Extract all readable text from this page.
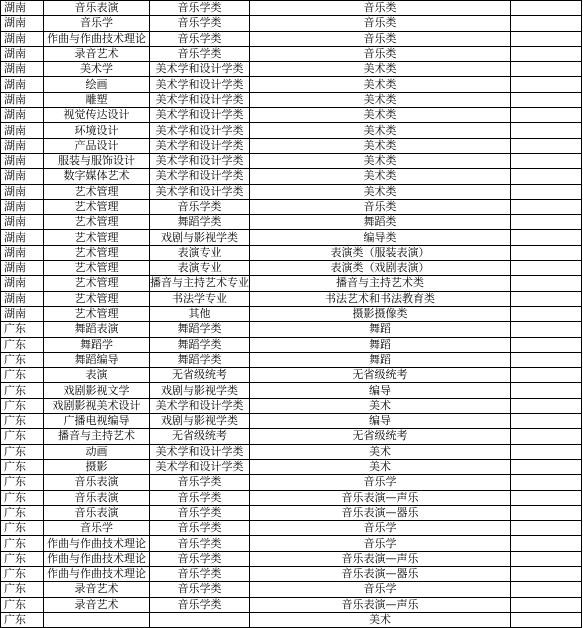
湖南	音乐表演	音乐学类	音乐类	
湖南	音乐学	音乐学类	音乐类	
湖南	作曲与作曲技术理论	音乐学类	音乐类	
湖南	录音艺术	音乐学类	音乐类	
湖南	美术学	美术学和设计学类	美术类	
湖南	绘画	美术学和设计学类	美术类	
湖南	雕塑	美术学和设计学类	美术类	
湖南	视觉传达设计	美术学和设计学类	美术类	
湖南	环境设计	美术学和设计学类	美术类	
湖南	产品设计	美术学和设计学类	美术类	
湖南	服装与服饰设计	美术学和设计学类	美术类	
湖南	数字媒体艺术	美术学和设计学类	美术类	
湖南	艺术管理	美术学和设计学类	美术类	
湖南	艺术管理	音乐学类	音乐类	
湖南	艺术管理	舞蹈学类	舞蹈类	
湖南	艺术管理	戏剧与影视学类	编导类	
湖南	艺术管理	表演专业	表演类（服装表演）	
湖南	艺术管理	表演专业	表演类（戏剧表演）	
湖南	艺术管理	播音与主持艺术专业	播音与主持艺术类	
湖南	艺术管理	书法学专业	书法艺术和书法教育类	
湖南	艺术管理	其他	摄影摄像类	
广东	舞蹈表演	舞蹈学类	舞蹈	
广东	舞蹈学	舞蹈学类	舞蹈	
广东	舞蹈编导	舞蹈学类	舞蹈	
广东	表演	无省级统考	无省级统考	
广东	戏剧影视文学	戏剧与影视学类	编导	
广东	戏剧影视美术设计	美术学和设计学类	美术	
广东	广播电视编导	戏剧与影视学类	编导	
广东	播音与主持艺术	无省级统考	无省级统考	
广东	动画	美术学和设计学类	美术	
广东	摄影	美术学和设计学类	美术	
广东	音乐表演	音乐学类	音乐学	
广东	音乐表演	音乐学类	音乐表演—声乐	
广东	音乐表演	音乐学类	音乐表演—器乐	
广东	音乐学	音乐学类	音乐学	
广东	作曲与作曲技术理论	音乐学类	音乐学	
广东	作曲与作曲技术理论	音乐学类	音乐表演—声乐	
广东	作曲与作曲技术理论	音乐学类	音乐表演—器乐	
广东	录音艺术	音乐学类	音乐学	
广东	录音艺术	音乐学类	音乐表演—声乐	
广东			美术	
